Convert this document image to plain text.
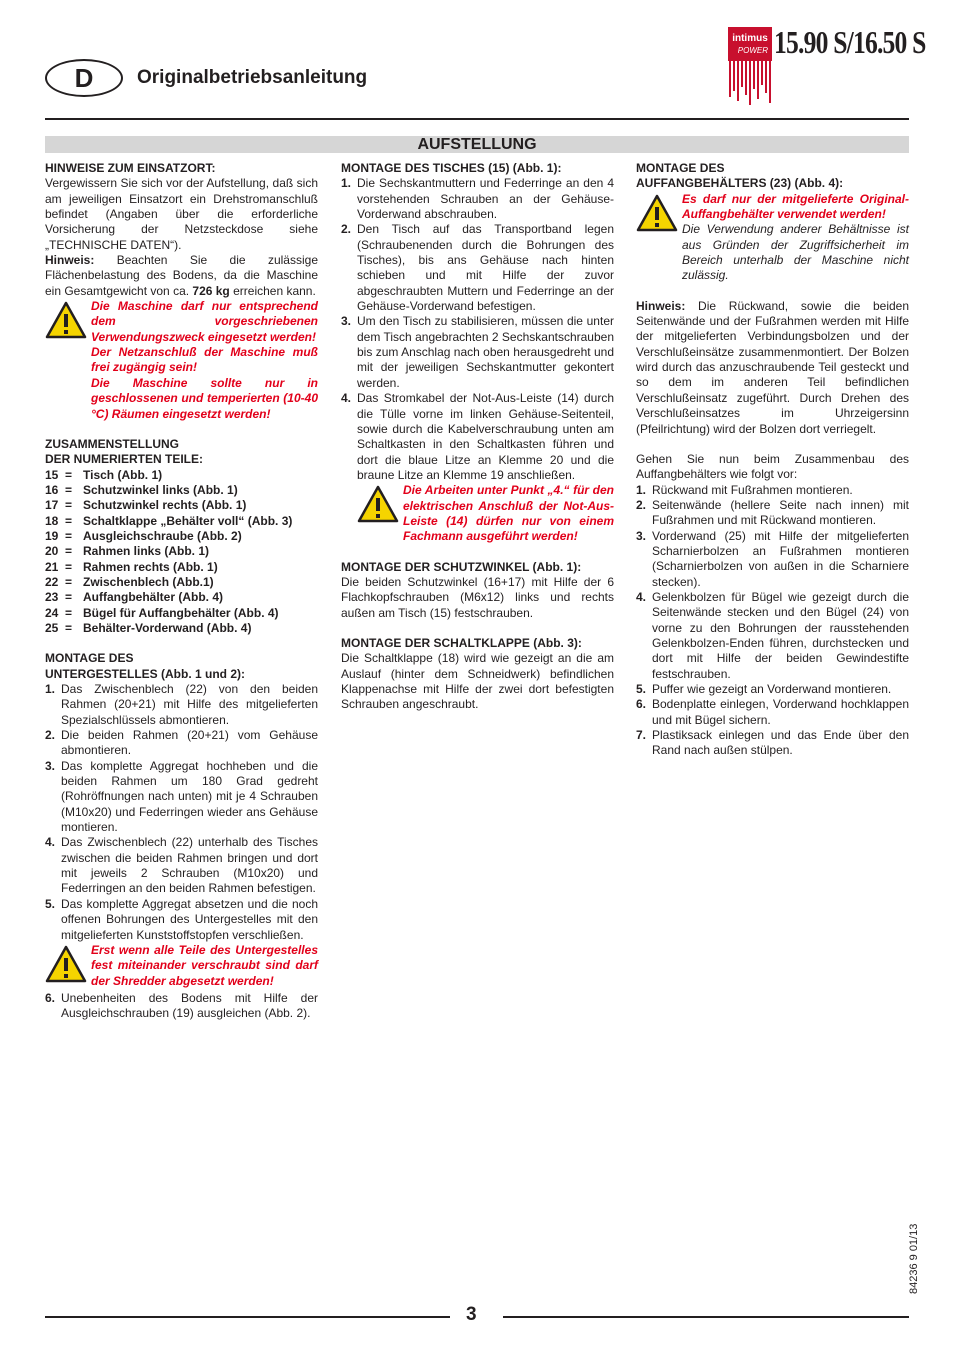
D	Originalbetriebsanleitung
intimus
POWER 15.90 S/16.50 S
AUFSTELLUNG

HINWEISE ZUM EINSATZORT:

Vergewissern Sie sich vor der Aufstellung, daß sich am jeweiligen Einsatzort ein Drehstromanschluß befindet (Angaben über die erforderliche Vorsicherung der Netzsteckdose siehe „TECHNISCHE DATEN“).

Hinweis: Beachten Sie die zulässige Flächenbelastung des Bodens, da die Maschine ein Gesamtgewicht von ca. 726 kg erreichen kann.

Die Maschine darf nur entsprechend dem vorgeschriebenen Verwendungszweck eingesetzt werden!

Der Netzanschluß der Maschine muß frei zugängig sein!

Die Maschine sollte nur in geschlossenen und temperierten (10-40 °C) Räumen eingesetzt werden!

ZUSAMMENSTELLUNG

DER NUMERIERTEN TEILE:

15 = Tisch (Abb. 1)
16 = Schutzwinkel links (Abb. 1)
17 = Schutzwinkel rechts (Abb. 1)
18 = Schaltklappe „Behälter voll“ (Abb. 3)
19 = Ausgleichschraube (Abb. 2)
20 = Rahmen links (Abb. 1)
21 = Rahmen rechts (Abb. 1)
22 = Zwischenblech (Abb.1)
23 = Auffangbehälter (Abb. 4)
24 = Bügel für Auffangbehälter (Abb. 4)
25 = Behälter-Vorderwand (Abb. 4)

MONTAGE DES

UNTERGESTELLES (Abb. 1 und 2):

1. Das Zwischenblech (22) von den beiden Rahmen (20+21) mit Hilfe des mitgelieferten Spezialschlüssels abmontieren.
2. Die beiden Rahmen (20+21) vom Gehäuse abmontieren.
3. Das komplette Aggregat hochheben und die beiden Rahmen um 180 Grad gedreht (Rohröffnungen nach unten) mit je 4 Schrauben (M10x20) und Federringen wieder ans Gehäuse montieren.
4. Das Zwischenblech (22) unterhalb des Tisches zwischen die beiden Rahmen bringen und dort mit jeweils 2 Schrauben (M10x20) und Federringen an den beiden Rahmen befestigen.
5. Das komplette Aggregat absetzen und die noch offenen Bohrungen des Untergestelles mit den mitgelieferten Kunststoffstopfen verschließen.

Erst wenn alle Teile des Untergestelles fest miteinander verschraubt sind darf der Shredder abgesetzt werden!

6. Unebenheiten des Bodens mit Hilfe der Ausgleichschrauben (19) ausgleichen (Abb. 2).

MONTAGE DES TISCHES (15) (Abb. 1):

1. Die Sechskantmuttern und Federringe an den 4 vorstehenden Schrauben an der Gehäuse-Vorderwand abschrauben.
2. Den Tisch auf das Transportband legen (Schraubenenden durch die Bohrungen des Tisches), bis ans Gehäuse nach hinten schieben und mit Hilfe der zuvor abgeschraubten Muttern und Federringe an der Gehäuse-Vorderwand befestigen.
3. Um den Tisch zu stabilisieren, müssen die unter dem Tisch angebrachten 2 Sechskantschrauben bis zum Anschlag nach oben herausgedreht und mit der jeweiligen Sechskantmutter gekontert werden.
4. Das Stromkabel der Not-Aus-Leiste (14) durch die Tülle vorne im linken Gehäuse-Seitenteil, sowie durch die Kabelverschraubung unten am Schaltkasten in den Schaltkasten führen und dort die blaue Litze an Klemme 20 und die braune Litze an Klemme 19 anschließen.

Die Arbeiten unter Punkt „4.“ für den elektrischen Anschluß der Not-Aus-Leiste (14) dürfen nur von einem Fachmann ausgeführt werden!

MONTAGE DER SCHUTZWINKEL (Abb. 1):

Die beiden Schutzwinkel (16+17) mit Hilfe der 6 Flachkopfschrauben (M6x12) links und rechts außen am Tisch (15) festschrauben.

MONTAGE DER SCHALTKLAPPE (Abb. 3):

Die Schaltklappe (18) wird wie gezeigt an die am Auslauf (hinter dem Schneidwerk) befindlichen Klappenachse mit Hilfe der zwei dort befestigten Schrauben angeschraubt.

MONTAGE DES

AUFFANGBEHÄLTERS (23) (Abb. 4):

Es darf nur der mitgelieferte Original-Auffangbehälter verwendet werden!

Die Verwendung anderer Behältnisse ist aus Gründen der Zugriffsicherheit im Bereich unterhalb der Maschine nicht zulässig.

Hinweis: Die Rückwand, sowie die beiden Seitenwände und der Fußrahmen werden mit Hilfe der mitgelieferten Verbindungsbolzen und der Verschlußeinsätze zusammenmontiert. Der Bolzen wird durch das anzuschraubende Teil gesteckt und so dem im anderen Teil befindlichen Verschlußeinsatz zugeführt. Durch Drehen des Verschlußeinsatzes im Uhrzeigersinn (Pfeilrichtung) wird der Bolzen dort verriegelt.

Gehen Sie nun beim Zusammenbau des Auffangbehälters wie folgt vor:

1. Rückwand mit Fußrahmen montieren.
2. Seitenwände (hellere Seite nach innen) mit Fußrahmen und mit Rückwand montieren.
3. Vorderwand (25) mit Hilfe der mitgelieferten Scharnierbolzen an Fußrahmen montieren (Scharnierbolzen von außen in die Scharniere stecken).
4. Gelenkbolzen für Bügel wie gezeigt durch die Seitenwände stecken und den Bügel (24) von vorne zu den Bohrungen der rausstehenden Gelenkbolzen-Enden führen, durchstecken und dort mit Hilfe der beiden Gewindestifte festschrauben.
5. Puffer wie gezeigt an Vorderwand montieren.
6. Bodenplatte einlegen, Vorderwand hochklappen und mit Bügel sichern.
7. Plastiksack einlegen und das Ende über den Rand nach außen stülpen.
84236 9 01/13
3
